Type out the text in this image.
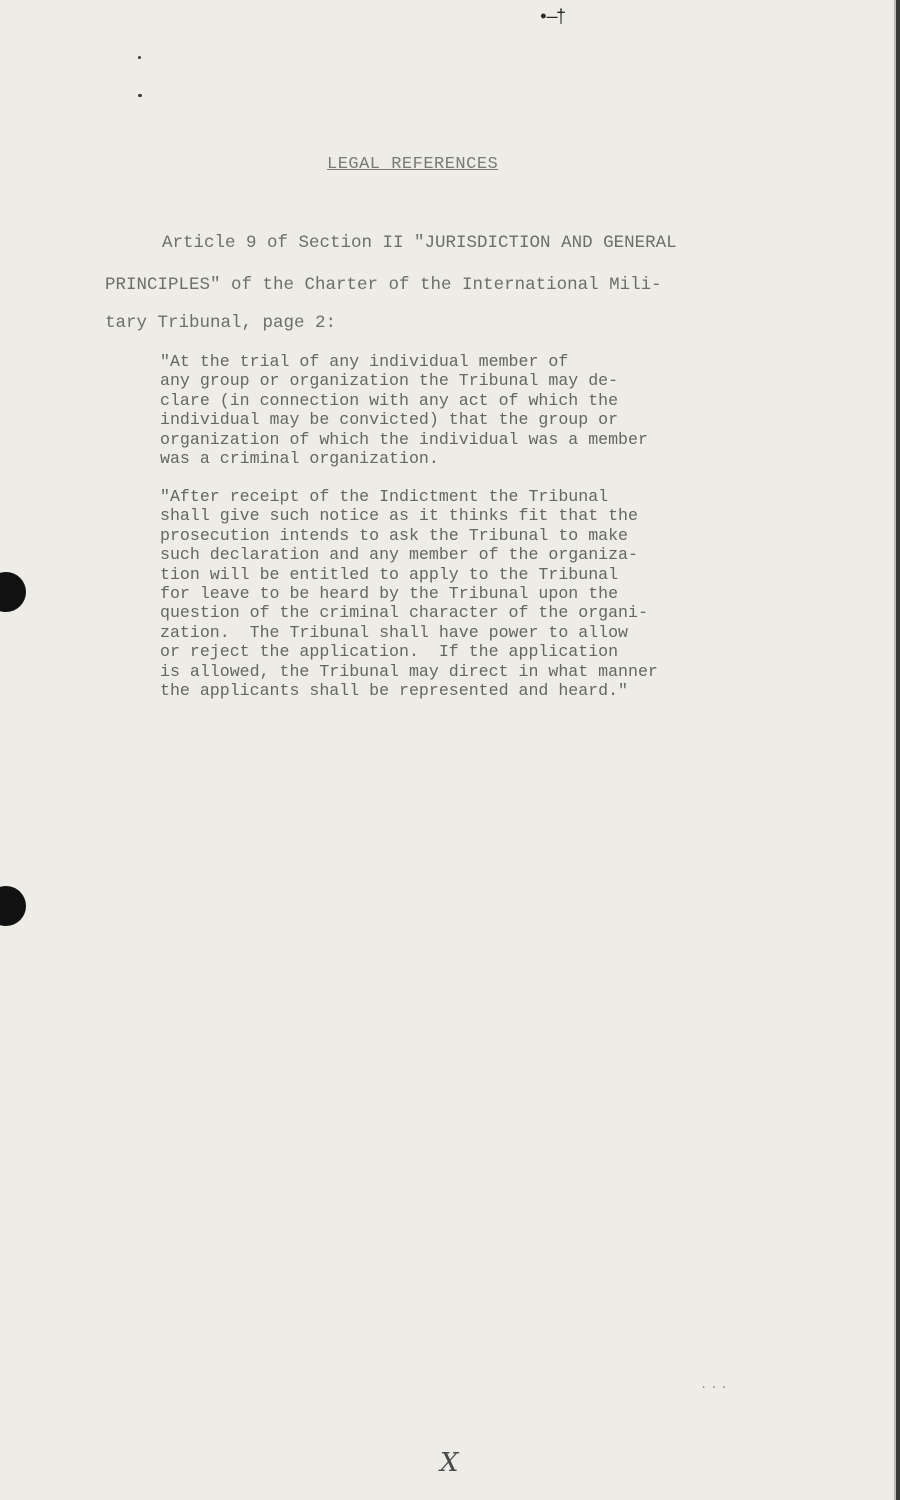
•—†
LEGAL REFERENCES
Article 9 of Section II "JURISDICTION AND GENERAL
PRINCIPLES" of the Charter of the International Mili-
tary Tribunal, page 2:
"At the trial of any individual member of
any group or organization the Tribunal may de-
clare (in connection with any act of which the
individual may be convicted) that the group or
organization of which the individual was a member
was a criminal organization.
"After receipt of the Indictment the Tribunal
shall give such notice as it thinks fit that the
prosecution intends to ask the Tribunal to make
such declaration and any member of the organiza-
tion will be entitled to apply to the Tribunal
for leave to be heard by the Tribunal upon the
question of the criminal character of the organi-
zation.  The Tribunal shall have power to allow
or reject the application.  If the application
is allowed, the Tribunal may direct in what manner
the applicants shall be represented and heard."
...
X
